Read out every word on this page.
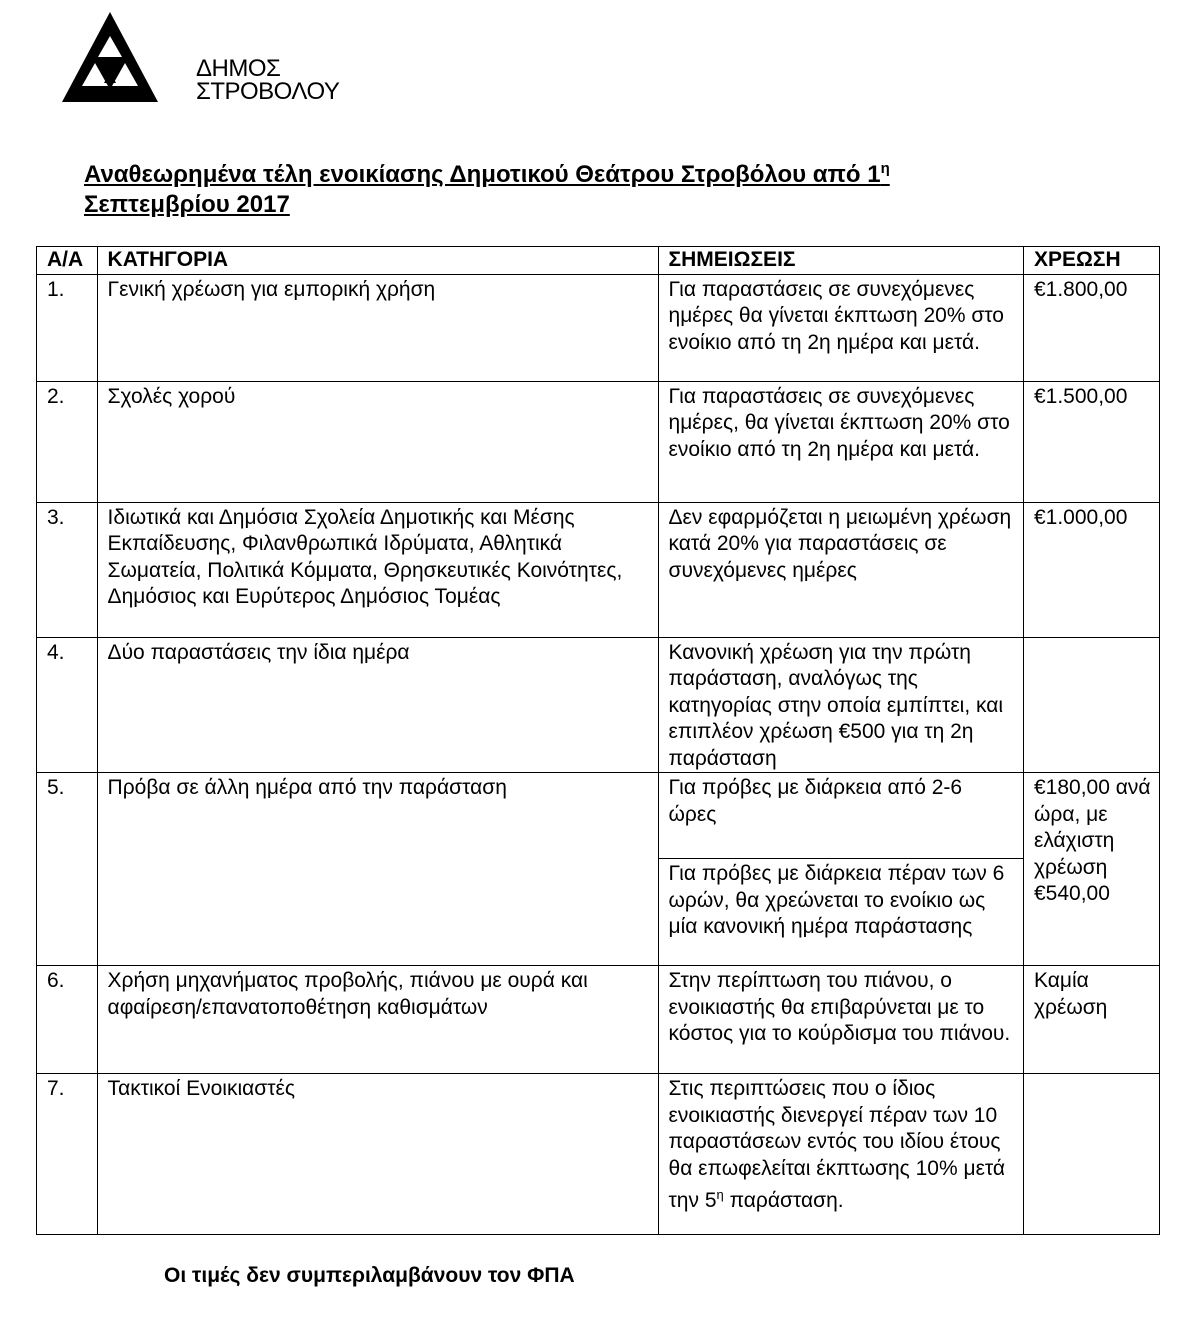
ΔΗΜΟΣ
ΣΤΡΟΒΟΛΟΥ
Αναθεωρημένα τέλη ενοικίασης Δημοτικού Θεάτρου Στροβόλου από $1^\eta$
Σεπτεμβρίου 2017
Α/Α	ΚΑΤΗΓΟΡΙΑ	ΣΗΜΕΙΩΣΕΙΣ	ΧΡΕΩΣΗ
1.	Γενική χρέωση για εμπορική χρήση	Για παραστάσεις σε συνεχόμενες ημέρες θα γίνεται έκπτωση 20% στο ενοίκιο από τη 2η ημέρα και μετά.	€1.800,00
2.	Σχολές χορού	Για παραστάσεις σε συνεχόμενες ημέρες, θα γίνεται έκπτωση 20% στο ενοίκιο από τη 2η ημέρα και μετά.	€1.500,00
3.	Ιδιωτικά και Δημόσια Σχολεία Δημοτικής και Μέσης Εκπαίδευσης, Φιλανθρωπικά Ιδρύματα, Αθλητικά Σωματεία, Πολιτικά Κόμματα, Θρησκευτικές Κοινότητες, Δημόσιος και Ευρύτερος Δημόσιος Τομέας	Δεν εφαρμόζεται η μειωμένη χρέωση κατά 20% για παραστάσεις σε συνεχόμενες ημέρες	€1.000,00
4.	Δύο παραστάσεις την ίδια ημέρα	Κανονική χρέωση για την πρώτη παράσταση, αναλόγως της κατηγορίας στην οποία εμπίπτει, και επιπλέον χρέωση €500 για τη 2η παράσταση	
5.	Πρόβα σε άλλη ημέρα από την παράσταση	Για πρόβες με διάρκεια από 2-6 ώρες
Για πρόβες με διάρκεια πέραν των 6 ωρών, θα χρεώνεται το ενοίκιο ως μία κανονική ημέρα παράστασης	€180,00 ανά ώρα, με ελάχιστη χρέωση €540,00
6.	Χρήση μηχανήματος προβολής, πιάνου με ουρά και αφαίρεση/επανατοποθέτηση καθισμάτων	Στην περίπτωση του πιάνου, ο ενοικιαστής θα επιβαρύνεται με το κόστος για το κούρδισμα του πιάνου.	Καμία χρέωση
7.	Τακτικοί Ενοικιαστές	Στις περιπτώσεις που ο ίδιος ενοικιαστής διενεργεί πέραν των 10 παραστάσεων εντός του ιδίου έτους θα επωφελείται έκπτωσης 10% μετά την $5^\eta$ παράσταση.	
Οι τιμές δεν συμπεριλαμβάνουν τον ΦΠΑ
